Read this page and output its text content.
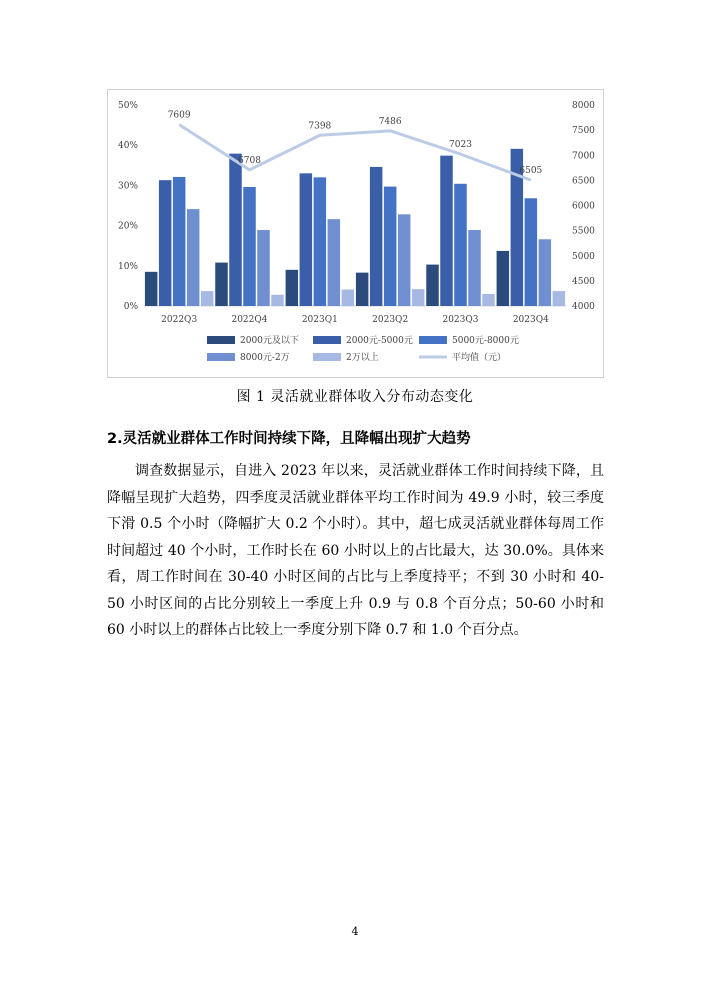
0%
10%
20%
30%
40%
50%
4000
4500
5000
5500
6000
6500
7000
7500
8000
2022Q3	2022Q4	2023Q1	2023Q2	2023Q3	2023Q4
7609
6708
7398	7486
7023
6505
2000元及以下	2000元-5000元	5000元-8000元
8000元-2万	2万以上	平均值（元）
图 1 灵活就业群体收入分布动态变化
2.灵活就业群体工作时间持续下降，且降幅出现扩大趋势
调查数据显示，自进入 2023 年以来，灵活就业群体工作时间持续下降，且降幅呈现扩大趋势，四季度灵活就业群体平均工作时间为 49.9 小时，较三季度下滑 0.5 个小时（降幅扩大 0.2 个小时）。其中，超七成灵活就业群体每周工作时间超过 40 个小时，工作时长在 60 小时以上的占比最大，达 30.0%。具体来看，周工作时间在 30-40 小时区间的占比与上季度持平；不到 30 小时和 40-50 小时区间的占比分别较上一季度上升 0.9 与 0.8 个百分点；50-60 小时和 60 小时以上的群体占比较上一季度分别下降 0.7 和 1.0 个百分点。
4
